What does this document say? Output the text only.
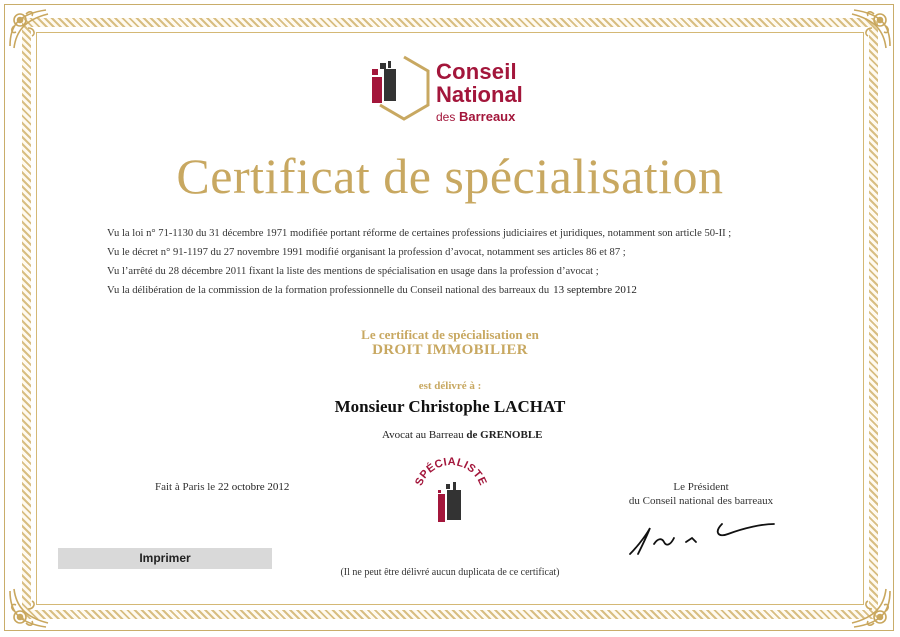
Conseil
National
des Barreaux
Certificat de spécialisation

Vu la loi n° 71-1130 du 31 décembre 1971 modifiée portant réforme de certaines professions judiciaires et juridiques, notamment son article 50-II ;

Vu le décret n° 91-1197 du 27 novembre 1991 modifié organisant la profession d’avocat, notamment ses articles 86 et 87 ;

Vu l’arrêté du 28 décembre 2011 fixant la liste des mentions de spécialisation en usage dans la profession d’avocat ;

Vu la délibération de la commission de la formation professionnelle du Conseil national des barreaux du 13 septembre 2012

Le certificat de spécialisation en
DROIT IMMOBILIER
est délivré à :
Monsieur Christophe LACHAT
Avocat au Barreau de GRENOBLE
Fait à Paris le 22 octobre 2012	SPÉCIALISTE	Le Président
du Conseil national des barreaux
Imprimer
(Il ne peut être délivré aucun duplicata de ce certificat)
